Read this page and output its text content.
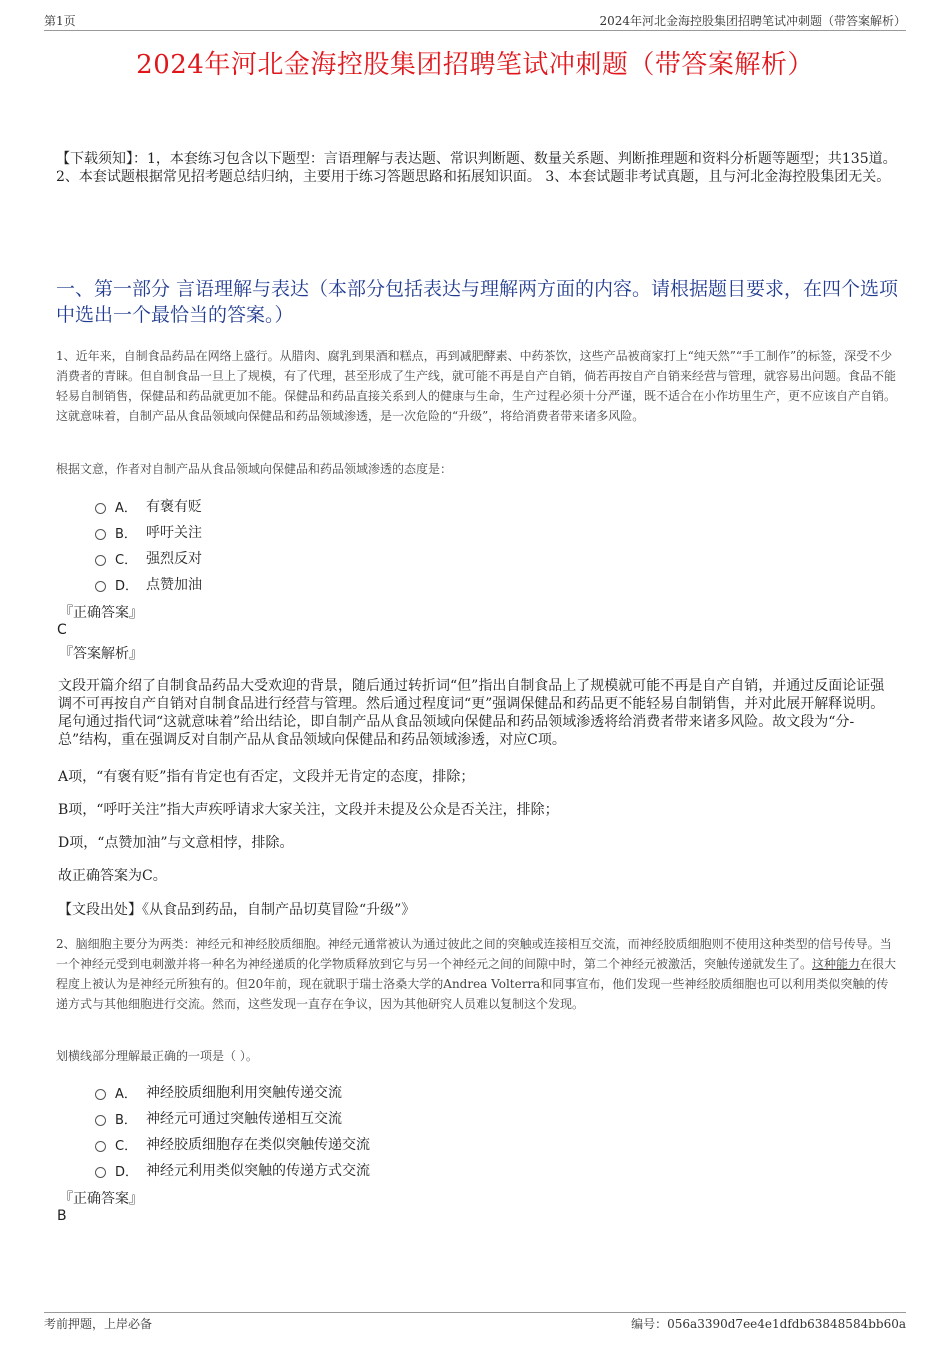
第1页	2024年河北金海控股集团招聘笔试冲刺题（带答案解析）
2024年河北金海控股集团招聘笔试冲刺题（带答案解析）
【下载须知】：1，本套练习包含以下题型：言语理解与表达题、常识判断题、数量关系题、判断推理题和资料分析题等题型；共135道。 2、本套试题根据常见招考题总结归纳，主要用于练习答题思路和拓展知识面。 3、本套试题非考试真题，且与河北金海控股集团无关。
一、第一部分 言语理解与表达（本部分包括表达与理解两方面的内容。请根据题目要求，在四个选项中选出一个最恰当的答案。）
1、近年来，自制食品药品在网络上盛行。从腊肉、腐乳到果酒和糕点，再到减肥酵素、中药茶饮，这些产品被商家打上“纯天然”“手工制作”的标签，深受不少消费者的青睐。但自制食品一旦上了规模，有了代理，甚至形成了生产线，就可能不再是自产自销，倘若再按自产自销来经营与管理，就容易出问题。食品不能轻易自制销售，保健品和药品就更加不能。保健品和药品直接关系到人的健康与生命，生产过程必须十分严谨，既不适合在小作坊里生产，更不应该自产自销。这就意味着，自制产品从食品领域向保健品和药品领域渗透，是一次危险的“升级”，将给消费者带来诸多风险。
根据文意，作者对自制产品从食品领域向保健品和药品领域渗透的态度是：
A． 有褒有贬
B． 呼吁关注
C． 强烈反对
D． 点赞加油
『正确答案』
C
『答案解析』
文段开篇介绍了自制食品药品大受欢迎的背景，随后通过转折词“但”指出自制食品上了规模就可能不再是自产自销，并通过反面论证强调不可再按自产自销对自制食品进行经营与管理。然后通过程度词“更”强调保健品和药品更不能轻易自制销售，并对此展开解释说明。尾句通过指代词“这就意味着”给出结论，即自制产品从食品领域向保健品和药品领域渗透将给消费者带来诸多风险。故文段为“分-总”结构，重在强调反对自制产品从食品领域向保健品和药品领域渗透，对应C项。
A项，“有褒有贬”指有肯定也有否定，文段并无肯定的态度，排除；
B项，“呼吁关注”指大声疾呼请求大家关注，文段并未提及公众是否关注，排除；
D项，“点赞加油”与文意相悖，排除。
故正确答案为C。
【文段出处】《从食品到药品，自制产品切莫冒险“升级”》
2、脑细胞主要分为两类：神经元和神经胶质细胞。神经元通常被认为通过彼此之间的突触或连接相互交流，而神经胶质细胞则不使用这种类型的信号传导。当一个神经元受到电刺激并将一种名为神经递质的化学物质释放到它与另一个神经元之间的间隙中时，第二个神经元被激活，突触传递就发生了。这种能力在很大程度上被认为是神经元所独有的。但20年前，现在就职于瑞士洛桑大学的Andrea Volterra和同事宣布，他们发现一些神经胶质细胞也可以利用类似突触的传递方式与其他细胞进行交流。然而，这些发现一直存在争议，因为其他研究人员难以复制这个发现。
划横线部分理解最正确的一项是（ ）。
A． 神经胶质细胞利用突触传递交流
B． 神经元可通过突触传递相互交流
C． 神经胶质细胞存在类似突触传递交流
D． 神经元利用类似突触的传递方式交流
『正确答案』
B
考前押题，上岸必备	编号：056a3390d7ee4e1dfdb63848584bb60a
